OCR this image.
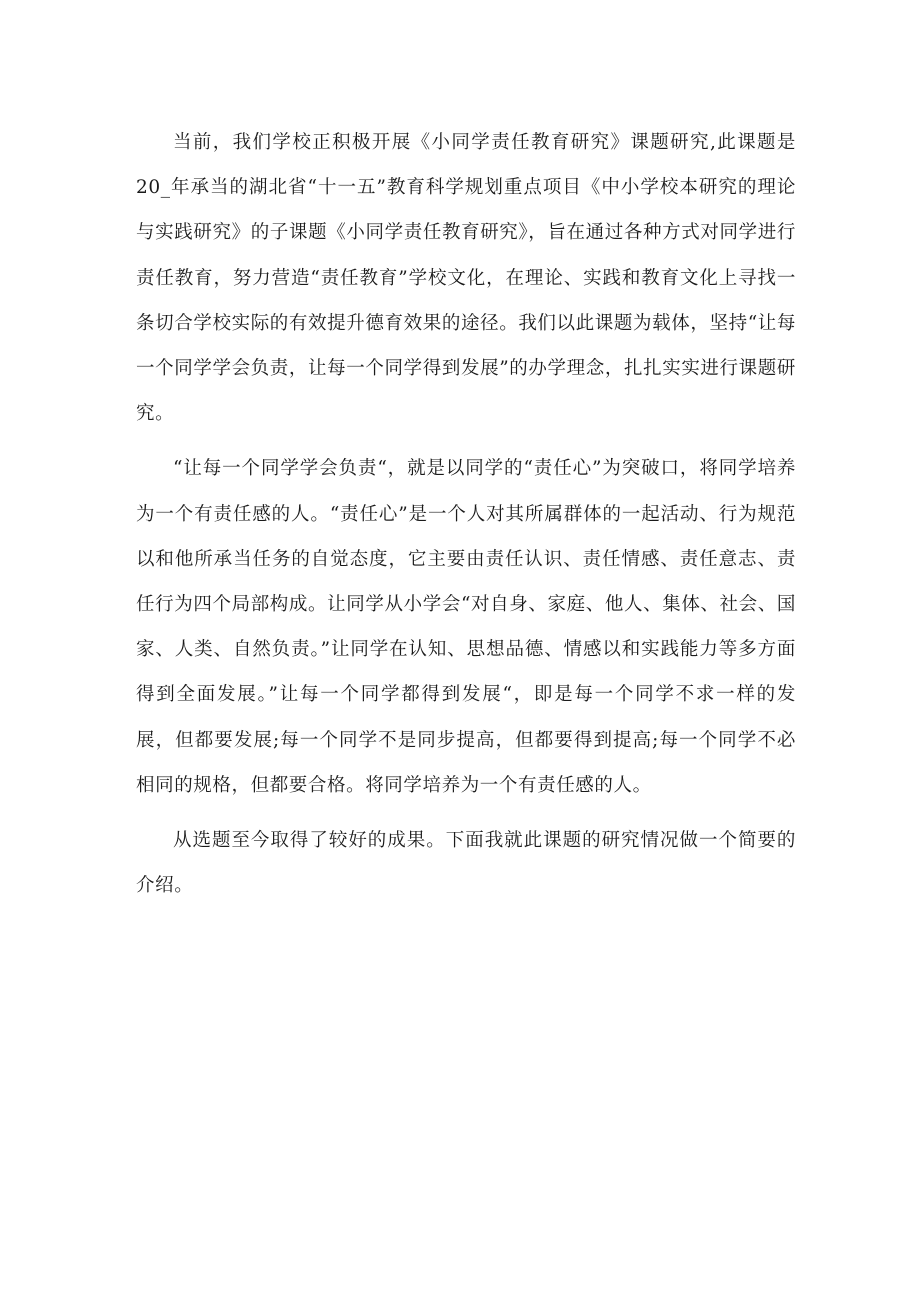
当前，我们学校正积极开展《小同学责任教育研究》课题研究,此课题是20_年承当的湖北省“十一五”教育科学规划重点项目《中小学校本研究的理论与实践研究》的子课题《小同学责任教育研究》，旨在通过各种方式对同学进行责任教育，努力营造“责任教育”学校文化，在理论、实践和教育文化上寻找一条切合学校实际的有效提升德育效果的途径。我们以此课题为载体，坚持“让每一个同学学会负责，让每一个同学得到发展”的办学理念，扎扎实实进行课题研究。

“让每一个同学学会负责“，就是以同学的“责任心”为突破口，将同学培养为一个有责任感的人。“责任心”是一个人对其所属群体的一起活动、行为规范以和他所承当任务的自觉态度，它主要由责任认识、责任情感、责任意志、责任行为四个局部构成。让同学从小学会“对自身、家庭、他人、集体、社会、国家、人类、自然负责。”让同学在认知、思想品德、情感以和实践能力等多方面得到全面发展。”让每一个同学都得到发展“，即是每一个同学不求一样的发展，但都要发展;每一个同学不是同步提高，但都要得到提高;每一个同学不必相同的规格，但都要合格。将同学培养为一个有责任感的人。

从选题至今取得了较好的成果。下面我就此课题的研究情况做一个简要的介绍。
